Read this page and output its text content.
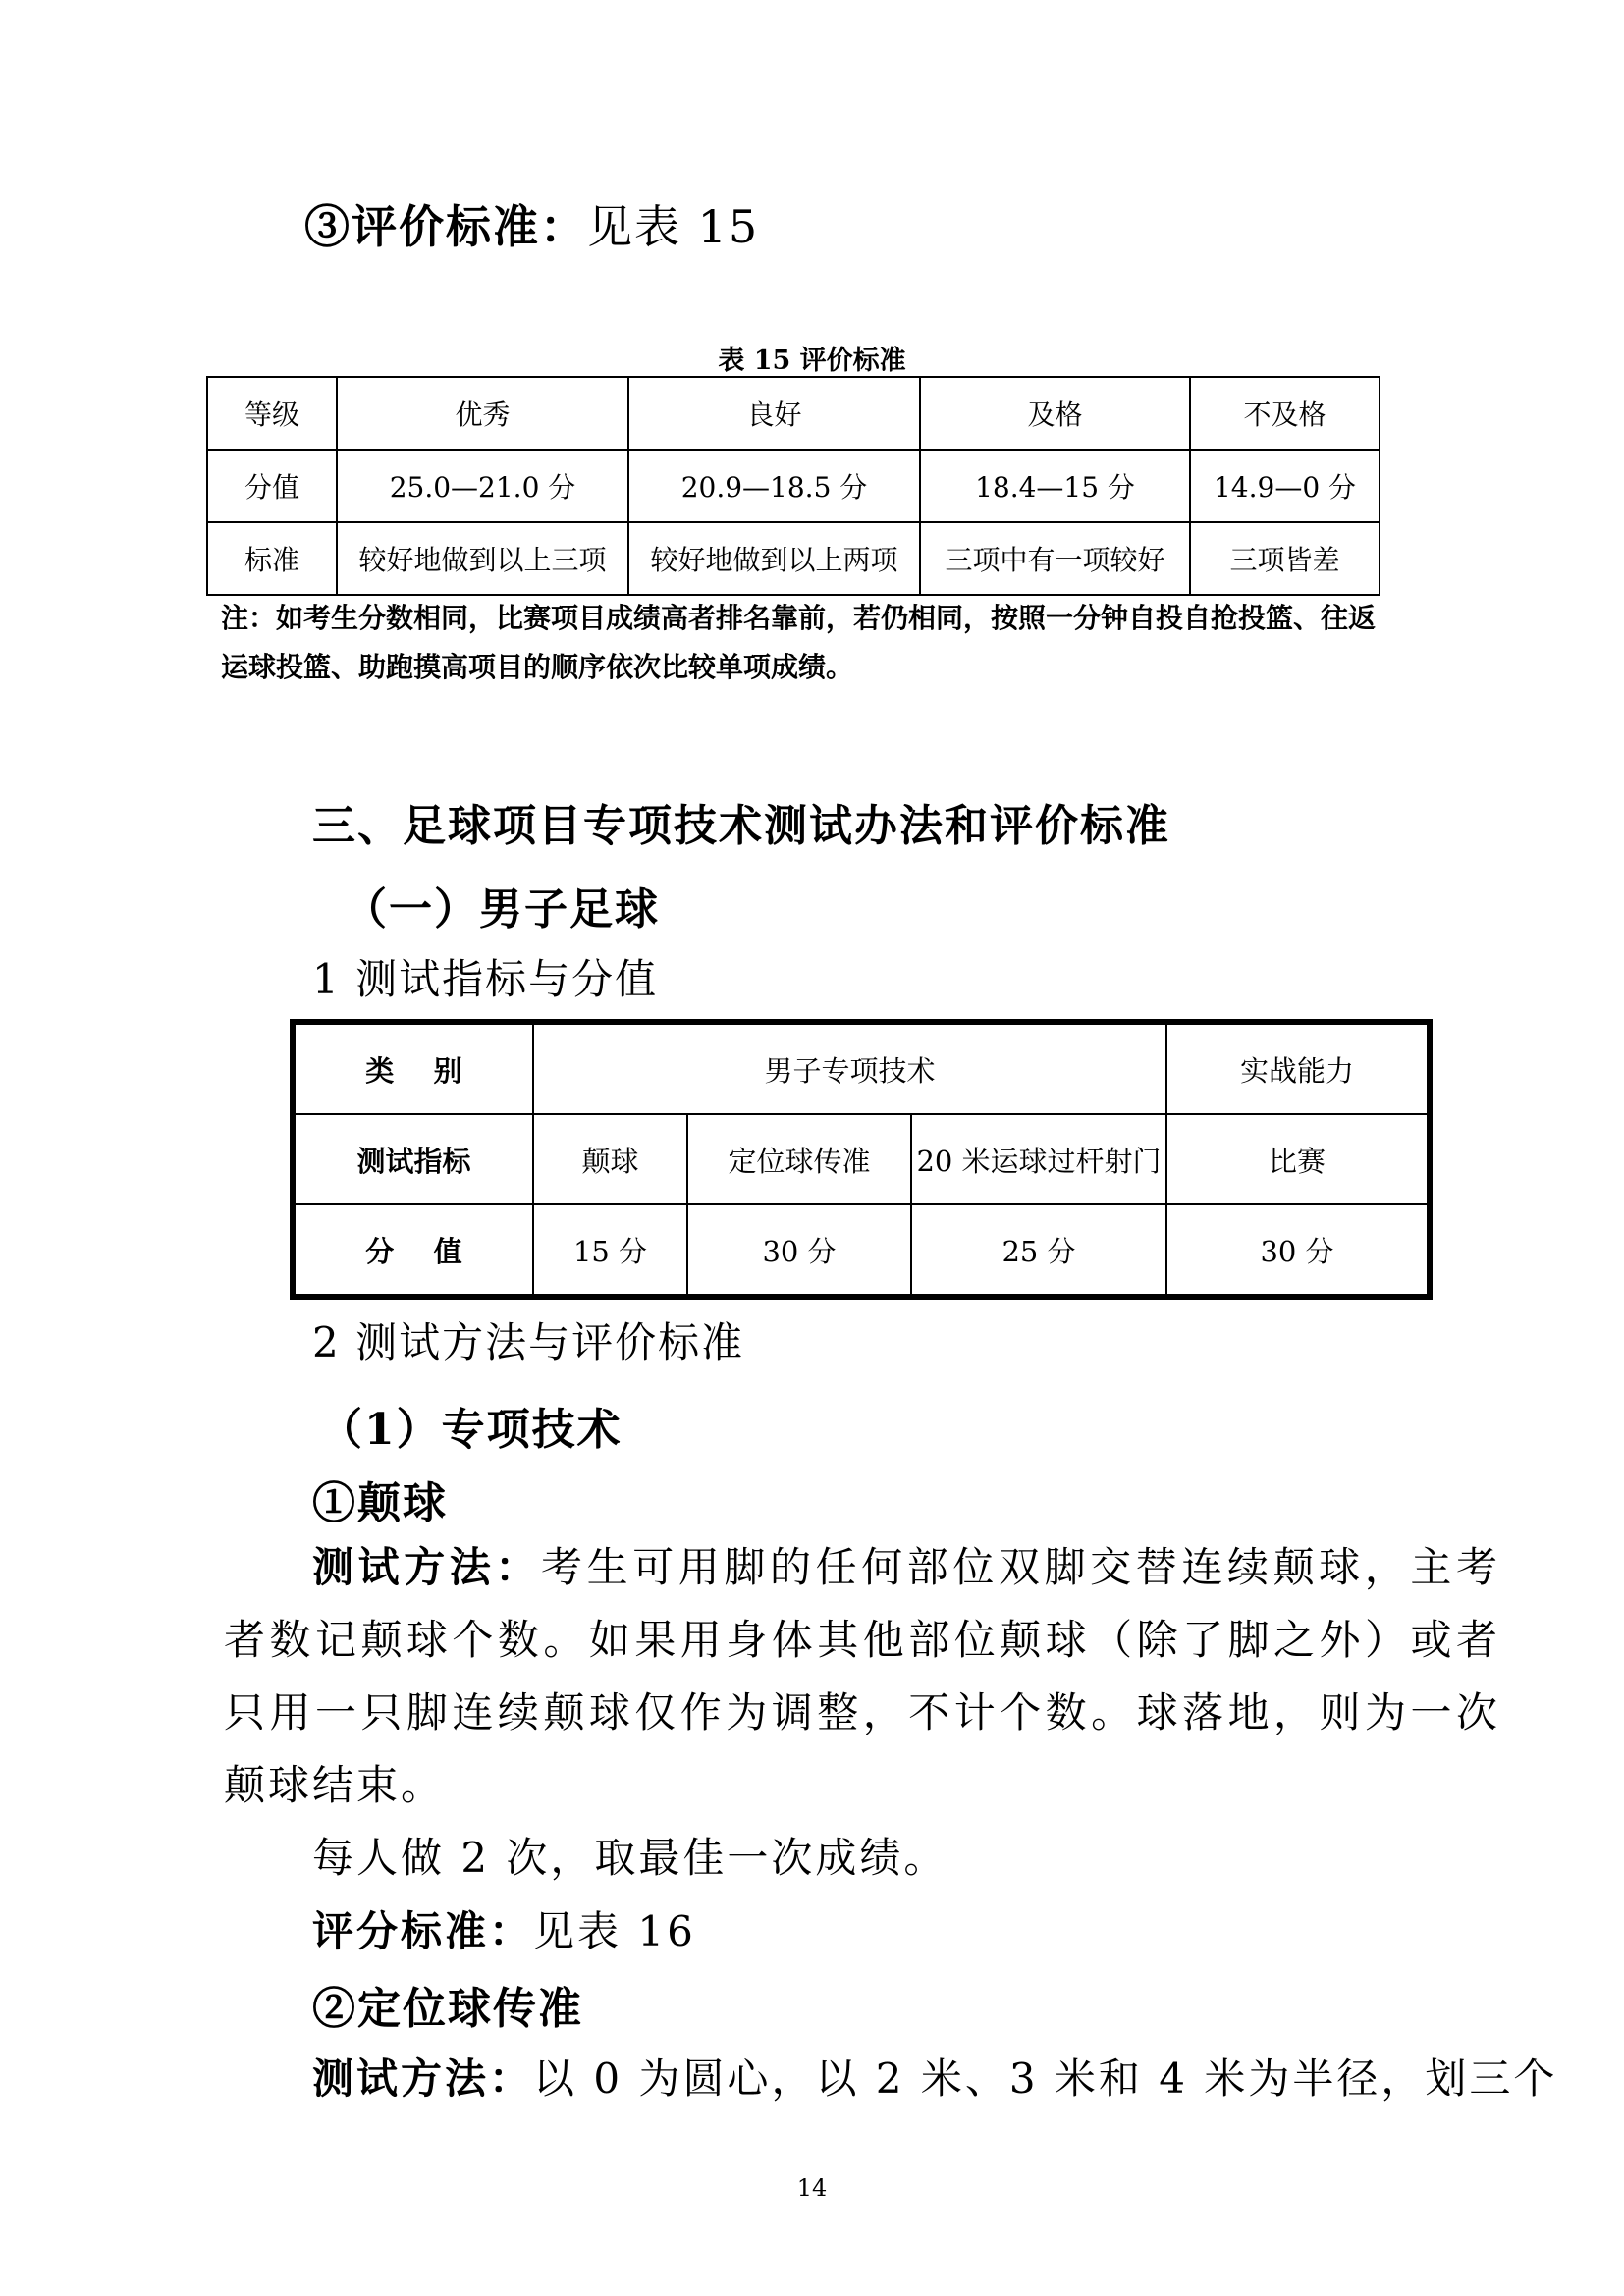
③评价标准：见表 15
表 15 评价标准
等级	优秀	良好	及格	不及格
分值	25.0—21.0 分	20.9—18.5 分	18.4—15 分	14.9—0 分
标准	较好地做到以上三项	较好地做到以上两项	三项中有一项较好	三项皆差
注：如考生分数相同，比赛项目成绩高者排名靠前，若仍相同，按照一分钟自投自抢投篮、往返
运球投篮、助跑摸高项目的顺序依次比较单项成绩。
三、足球项目专项技术测试办法和评价标准
（一）男子足球
1 测试指标与分值
类    别	男子专项技术			实战能力
测试指标	颠球	定位球传准	20 米运球过杆射门	比赛
分    值	15 分	30 分	25 分	30 分
2 测试方法与评价标准
（1）专项技术
①颠球
测试方法：考生可用脚的任何部位双脚交替连续颠球，主考者数记颠球个数。如果用身体其他部位颠球（除了脚之外）或者只用一只脚连续颠球仅作为调整，不计个数。球落地，则为一次颠球结束。
每人做 2 次，取最佳一次成绩。
评分标准：见表 16
②定位球传准
测试方法：以 0 为圆心，以 2 米、3 米和 4 米为半径，划三个
14
